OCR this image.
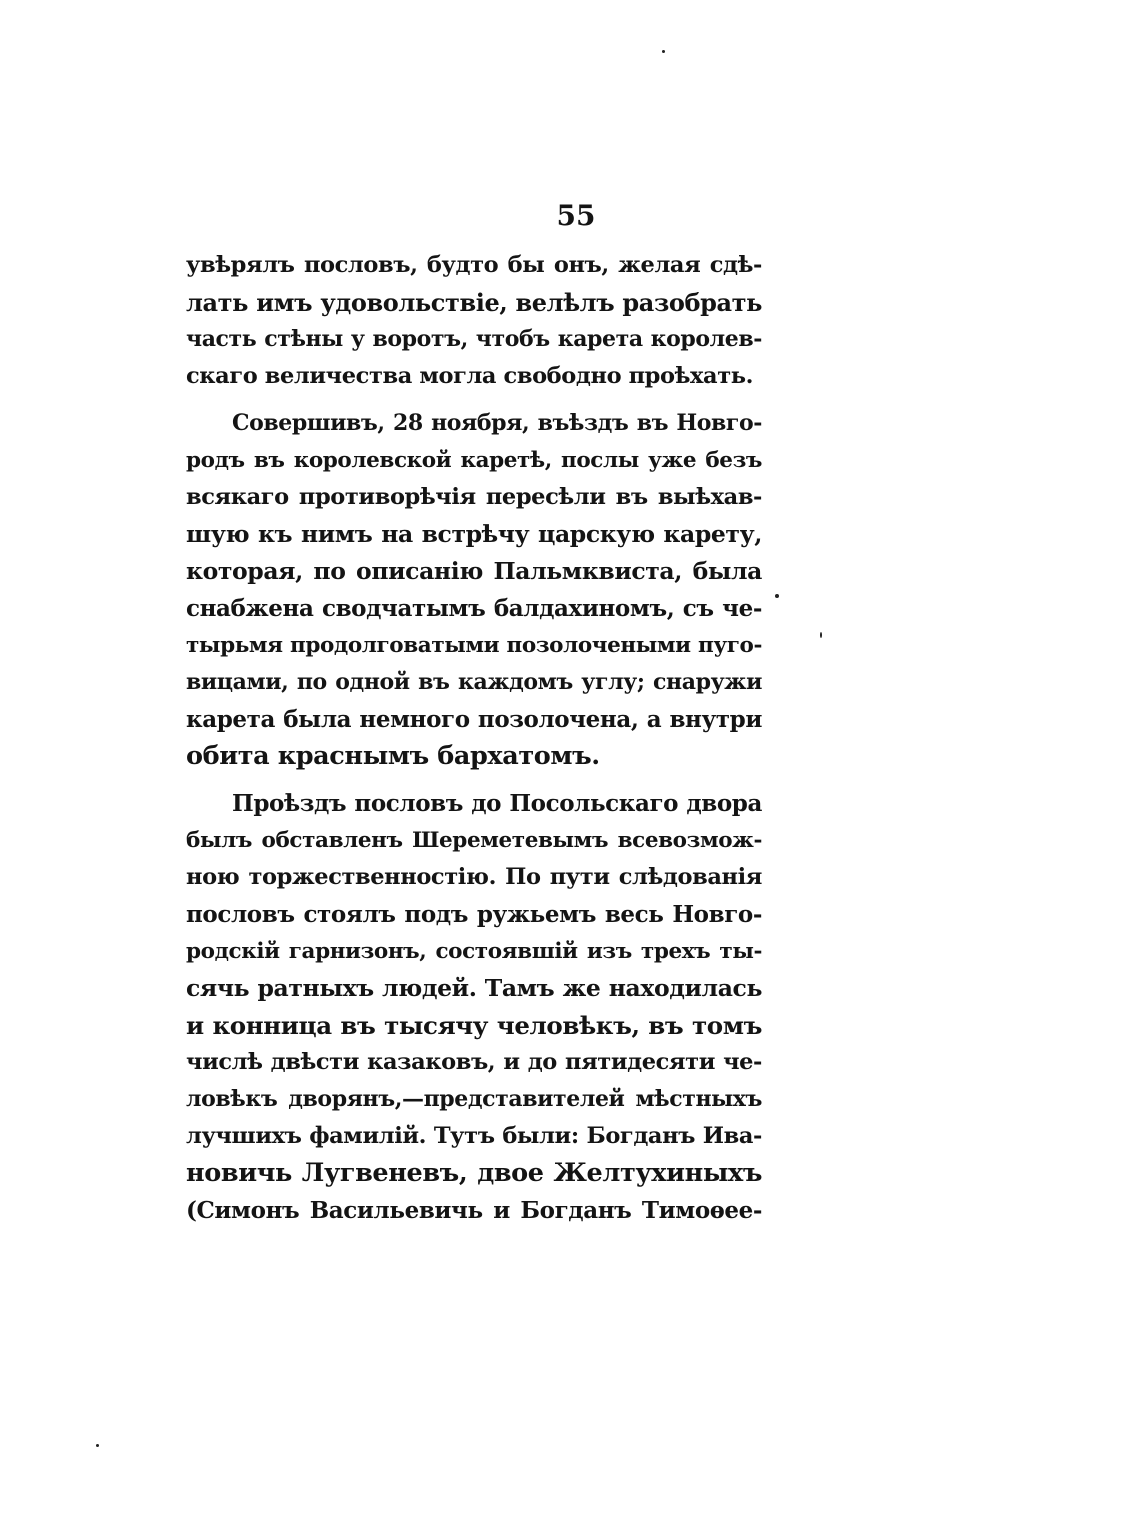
55

увѣрялъ пословъ, будто бы онъ, желая сдѣ-
лать имъ удовольствіе, велѣлъ разобрать
часть стѣны у воротъ, чтобъ карета королев-
скаго величества могла свободно проѣхать.

Совершивъ, 28 ноября, въѣздъ въ Новго-
родъ въ королевской каретѣ, послы уже безъ
всякаго противорѣчія пересѣли въ выѣхав-
шую къ нимъ на встрѣчу царскую карету,
которая, по описанію Пальмквиста, была
снабжена сводчатымъ балдахиномъ, съ че-
тырьмя продолговатыми позолочеными пуго-
вицами, по одной въ каждомъ углу; снаружи
карета была немного позолочена, а внутри
обита краснымъ бархатомъ.

Проѣздъ пословъ до Посольскаго двора
былъ обставленъ Шереметевымъ всевозмож-
ною торжественностію. По пути слѣдованія
пословъ стоялъ подъ ружьемъ весь Новго-
родскій гарнизонъ, состоявшій изъ трехъ ты-
сячь ратныхъ людей. Тамъ же находилась
и конница въ тысячу человѣкъ, въ томъ
числѣ двѣсти казаковъ, и до пятидесяти че-
ловѣкъ дворянъ,—представителей мѣстныхъ
лучшихъ фамилій. Тутъ были: Богданъ Ива-
новичь Лугвеневъ, двое Желтухиныхъ
(Симонъ Васильевичь и Богданъ Тимоѳее-
